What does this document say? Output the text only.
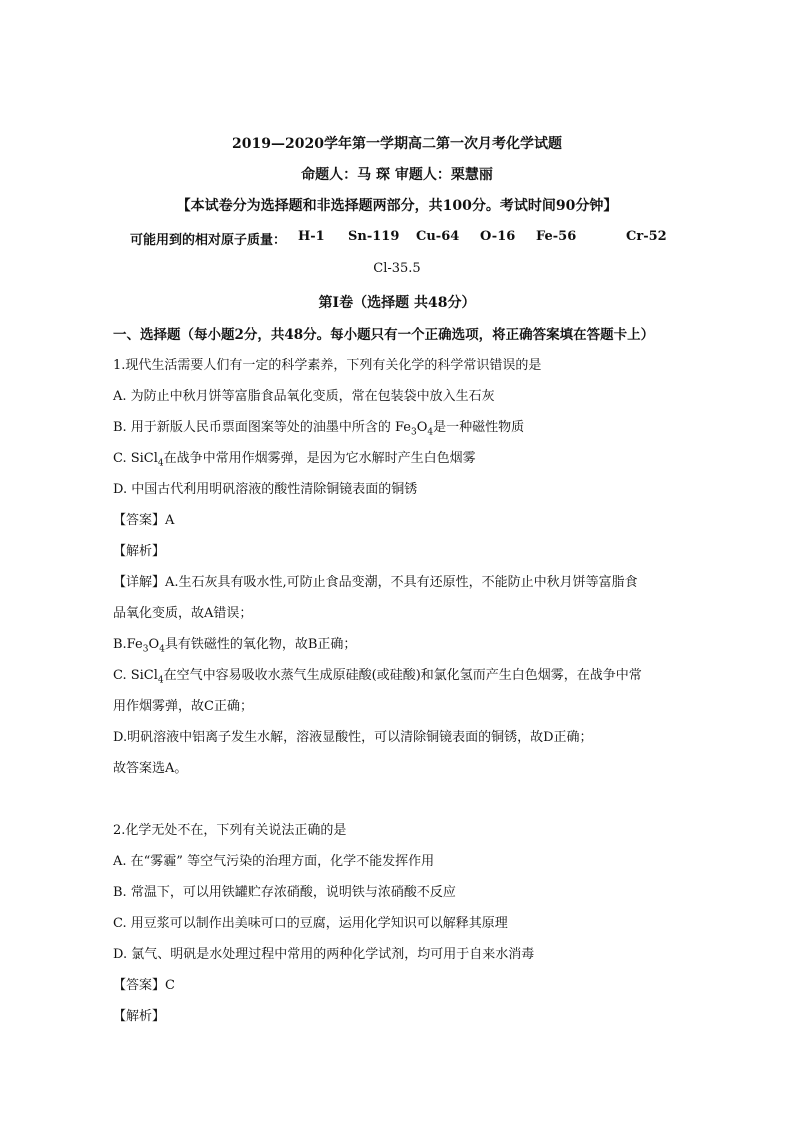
2019—2020学年第一学期高二第一次月考化学试题
命题人：马 琛 审题人：栗慧丽
【本试卷分为选择题和非选择题两部分，共100分。考试时间90分钟】
可能用到的相对原子质量： H-1 Sn-119 Cu-64 O-16 Fe-56	Cr-52
Cl-35.5
第Ⅰ卷（选择题 共48分）
一、选择题（每小题2分，共48分。每小题只有一个正确选项，将正确答案填在答题卡上）
1.现代生活需要人们有一定的科学素养，下列有关化学的科学常识错误的是
A. 为防止中秋月饼等富脂食品氧化变质，常在包装袋中放入生石灰
B. 用于新版人民币票面图案等处的油墨中所含的 $Fe_3O_4$是一种磁性物质
C. SiCl$_4$在战争中常用作烟雾弹，是因为它水解时产生白色烟雾
D. 中国古代利用明矾溶液的酸性清除铜镜表面的铜锈
【答案】A
【解析】
【详解】A.生石灰具有吸水性,可防止食品变潮，不具有还原性，不能防止中秋月饼等富脂食
品氧化变质，故A错误；
$B.Fe_3O_4$具有铁磁性的氧化物，故B正确；
C. SiCl$_4$在空气中容易吸收水蒸气生成原硅酸(或硅酸)和氯化氢而产生白色烟雾，在战争中常
用作烟雾弹，故C正确；
D.明矾溶液中铝离子发生水解，溶液显酸性，可以清除铜镜表面的铜锈，故D正确；
故答案选A。
2.化学无处不在，下列有关说法正确的是
A. 在“雾霾” 等空气污染的治理方面，化学不能发挥作用
B. 常温下，可以用铁罐贮存浓硝酸，说明铁与浓硝酸不反应
C. 用豆浆可以制作出美味可口的豆腐，运用化学知识可以解释其原理
D. 氯气、明矾是水处理过程中常用的两种化学试剂，均可用于自来水消毒
【答案】C
【解析】
